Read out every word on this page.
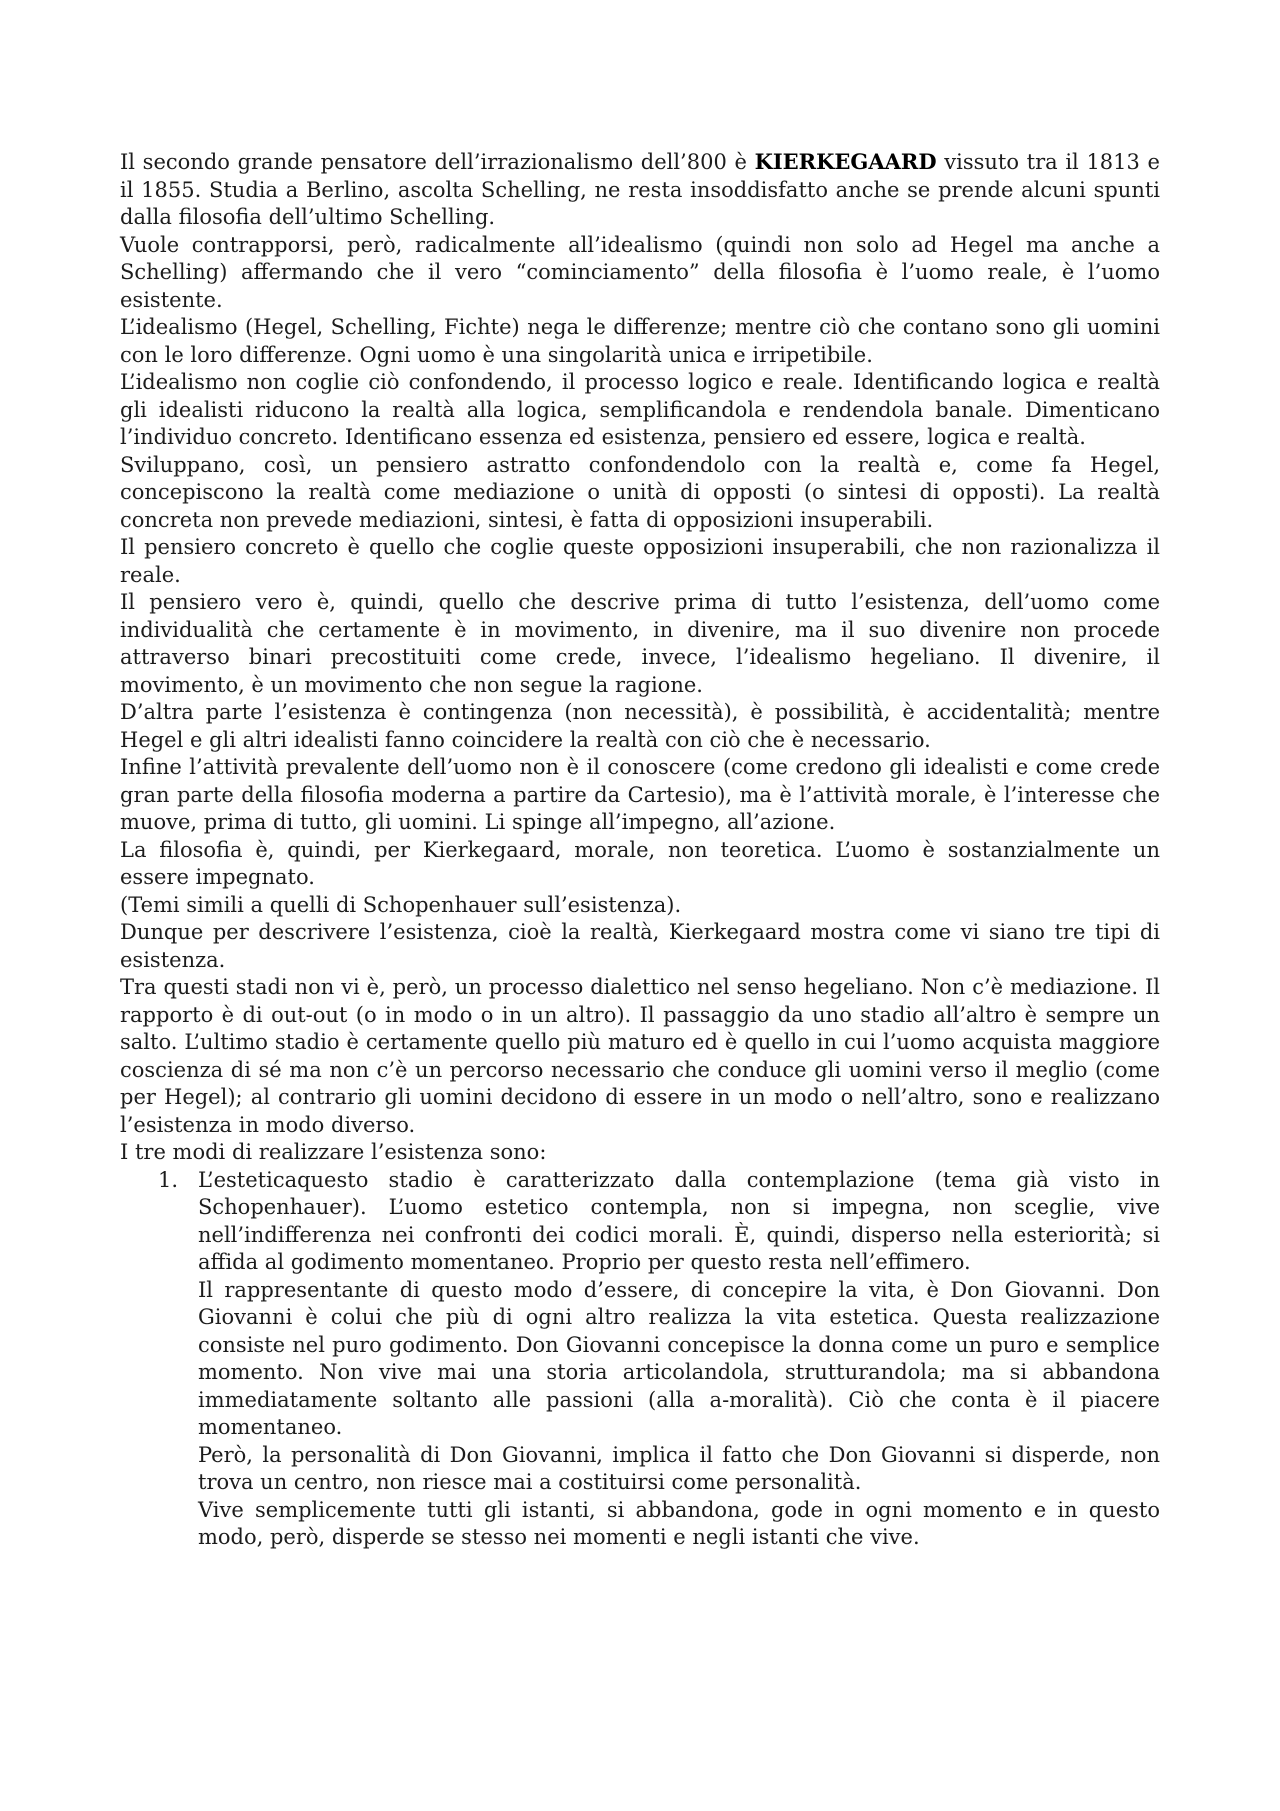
Il secondo grande pensatore dell’irrazionalismo dell’800 è KIERKEGAARD vissuto tra il 1813 e il 1855. Studia a Berlino, ascolta Schelling, ne resta insoddisfatto anche se prende alcuni spunti dalla filosofia dell’ultimo Schelling.

Vuole contrapporsi, però, radicalmente all’idealismo (quindi non solo ad Hegel ma anche a Schelling) affermando che il vero “cominciamento” della filosofia è l’uomo reale, è l’uomo esistente.

L’idealismo (Hegel, Schelling, Fichte) nega le differenze; mentre ciò che contano sono gli uomini con le loro differenze. Ogni uomo è una singolarità unica e irripetibile.

L’idealismo non coglie ciò confondendo, il processo logico e reale. Identificando logica e realtà gli idealisti riducono la realtà alla logica, semplificandola e rendendola banale. Dimenticano l’individuo concreto. Identificano essenza ed esistenza, pensiero ed essere, logica e realtà.

Sviluppano, così, un pensiero astratto confondendolo con la realtà e, come fa Hegel, concepiscono la realtà come mediazione o unità di opposti (o sintesi di opposti). La realtà concreta non prevede mediazioni, sintesi, è fatta di opposizioni insuperabili.

Il pensiero concreto è quello che coglie queste opposizioni insuperabili, che non razionalizza il reale.

Il pensiero vero è, quindi, quello che descrive prima di tutto l’esistenza, dell’uomo come individualità che certamente è in movimento, in divenire, ma il suo divenire non procede attraverso binari precostituiti come crede, invece, l’idealismo hegeliano. Il divenire, il movimento, è un movimento che non segue la ragione.

D’altra parte l’esistenza è contingenza (non necessità), è possibilità, è accidentalità; mentre Hegel e gli altri idealisti fanno coincidere la realtà con ciò che è necessario.

Infine l’attività prevalente dell’uomo non è il conoscere (come credono gli idealisti e come crede gran parte della filosofia moderna a partire da Cartesio), ma è l’attività morale, è l’interesse che muove, prima di tutto, gli uomini. Li spinge all’impegno, all’azione.

La filosofia è, quindi, per Kierkegaard, morale, non teoretica. L’uomo è sostanzialmente un essere impegnato.

(Temi simili a quelli di Schopenhauer sull’esistenza).

Dunque per descrivere l’esistenza, cioè la realtà, Kierkegaard mostra come vi siano tre tipi di esistenza.

Tra questi stadi non vi è, però, un processo dialettico nel senso hegeliano. Non c’è mediazione. Il rapporto è di out-out (o in modo o in un altro). Il passaggio da uno stadio all’altro è sempre un salto. L’ultimo stadio è certamente quello più maturo ed è quello in cui l’uomo acquista maggiore coscienza di sé ma non c’è un percorso necessario che conduce gli uomini verso il meglio (come per Hegel); al contrario gli uomini decidono di essere in un modo o nell’altro, sono e realizzano l’esistenza in modo diverso.

I tre modi di realizzare l’esistenza sono:

1. L’esteticaquesto stadio è caratterizzato dalla contemplazione (tema già visto in Schopenhauer). L’uomo estetico contempla, non si impegna, non sceglie, vive nell’indifferenza nei confronti dei codici morali. È, quindi, disperso nella esteriorità; si affida al godimento momentaneo. Proprio per questo resta nell’effimero.

Il rappresentante di questo modo d’essere, di concepire la vita, è Don Giovanni. Don Giovanni è colui che più di ogni altro realizza la vita estetica. Questa realizzazione consiste nel puro godimento. Don Giovanni concepisce la donna come un puro e semplice momento. Non vive mai una storia articolandola, strutturandola; ma si abbandona immediatamente soltanto alle passioni (alla a-moralità). Ciò che conta è il piacere momentaneo.

Però, la personalità di Don Giovanni, implica il fatto che Don Giovanni si disperde, non trova un centro, non riesce mai a costituirsi come personalità.

Vive semplicemente tutti gli istanti, si abbandona, gode in ogni momento e in questo modo, però, disperde se stesso nei momenti e negli istanti che vive.
